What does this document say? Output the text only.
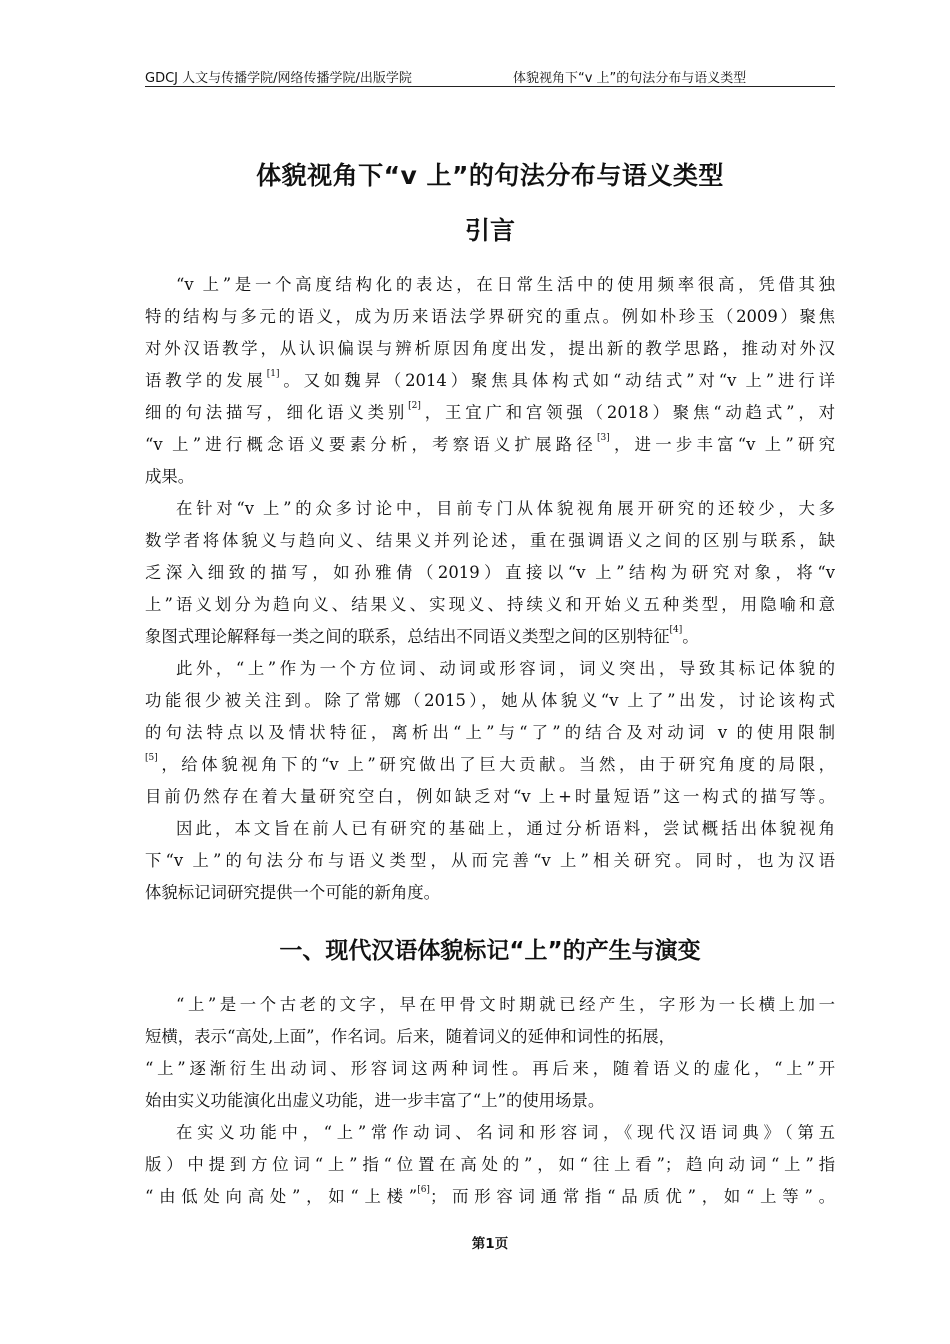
GDCJ 人文与传播学院/网络传播学院/出版学院	体貌视角下“v 上”的句法分布与语义类型
体貌视角下“v 上”的句法分布与语义类型
引言
“v 上”是一个高度结构化的表达，在日常生活中的使用频率很高，凭借其独
特的结构与多元的语义，成为历来语法学界研究的重点。例如朴珍玉（2009）聚焦
对外汉语教学，从认识偏误与辨析原因角度出发，提出新的教学思路，推动对外汉
语教学的发展[1]。又如魏昇（2014）聚焦具体构式如“动结式”对“v 上”进行详
细的句法描写，细化语义类别[2]，王宜广和宫领强（2018）聚焦“动趋式”，对
“v 上”进行概念语义要素分析，考察语义扩展路径[3]，进一步丰富“v 上”研究
成果。
在针对“v 上”的众多讨论中，目前专门从体貌视角展开研究的还较少，大多
数学者将体貌义与趋向义、结果义并列论述，重在强调语义之间的区别与联系，缺
乏深入细致的描写，如孙雅倩（2019）直接以“v 上”结构为研究对象，将“v
上”语义划分为趋向义、结果义、实现义、持续义和开始义五种类型，用隐喻和意
象图式理论解释每一类之间的联系，总结出不同语义类型之间的区别特征[4]。
此外，“上”作为一个方位词、动词或形容词，词义突出，导致其标记体貌的
功能很少被关注到。除了常娜（2015），她从体貌义“v 上了”出发，讨论该构式
的句法特点以及情状特征，离析出“上”与“了”的结合及对动词 v 的使用限制
[5]，给体貌视角下的“v 上”研究做出了巨大贡献。当然，由于研究角度的局限，
目前仍然存在着大量研究空白，例如缺乏对“v 上+时量短语”这一构式的描写等。
因此，本文旨在前人已有研究的基础上，通过分析语料，尝试概括出体貌视角
下“v 上”的句法分布与语义类型，从而完善“v 上”相关研究。同时，也为汉语
体貌标记词研究提供一个可能的新角度。
一、现代汉语体貌标记“上”的产生与演变
“上”是一个古老的文字，早在甲骨文时期就已经产生，字形为一长横上加一
短横，表示“高处,上面”，作名词。后来，随着词义的延伸和词性的拓展，
“上”逐渐衍生出动词、形容词这两种词性。再后来，随着语义的虚化，“上”开
始由实义功能演化出虚义功能，进一步丰富了“上”的使用场景。
在实义功能中，“上”常作动词、名词和形容词，《现代汉语词典》（第五
版）中提到方位词“上”指“位置在高处的”，如“往上看”；趋向动词“上”指
“由低处向高处”，如“上楼”[6]；而形容词通常指“品质优”，如“上等”。
第1页
